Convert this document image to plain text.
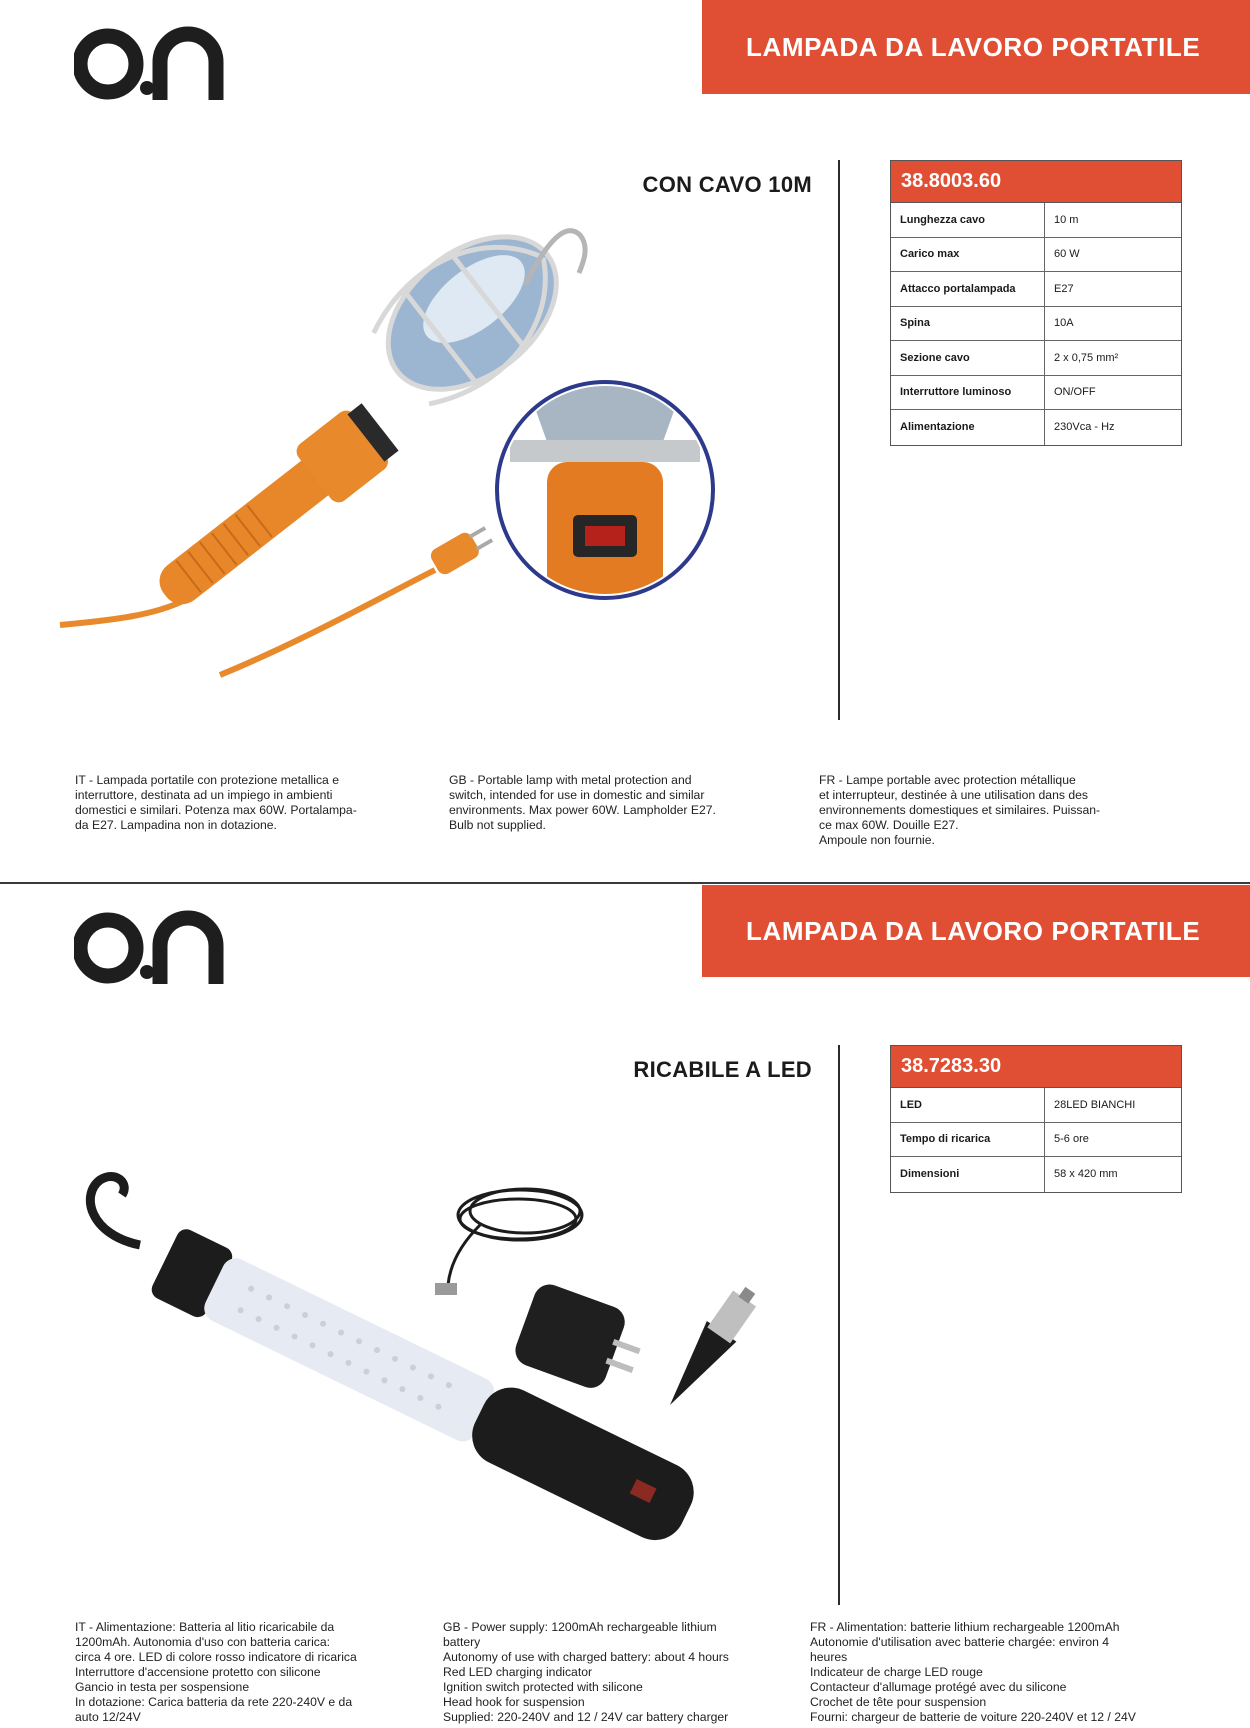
LAMPADA DA LAVORO PORTATILE
CON CAVO 10M	38.8003.60
Lunghezza cavo	10 m
Carico max	60 W
Attacco portalampada	E27
Spina	10A
Sezione cavo	2 x 0,75 mm²
Interruttore luminoso	ON/OFF
Alimentazione	230Vca - Hz
IT - Lampada portatile con protezione metallica e
interruttore, destinata ad un impiego in ambienti
domestici e similari. Potenza max 60W. Portalampa-
da E27. Lampadina non in dotazione.
GB - Portable lamp with metal protection and
switch, intended for use in domestic and similar
environments. Max power 60W. Lampholder E27.
Bulb not supplied.
FR - Lampe portable avec protection métallique
et interrupteur, destinée à une utilisation dans des
environnements domestiques et similaires. Puissan-
ce max 60W. Douille E27.
Ampoule non fournie.
LAMPADA DA LAVORO PORTATILE
RICABILE A LED	38.7283.30
LED	28LED BIANCHI
Tempo di ricarica	5-6 ore
Dimensioni	58 x 420 mm
IT - Alimentazione: Batteria al litio ricaricabile da
1200mAh. Autonomia d'uso con batteria carica:
circa 4 ore. LED di colore rosso indicatore di ricarica
Interruttore d'accensione protetto con silicone
Gancio in testa per sospensione
In dotazione: Carica batteria da rete 220-240V e da
auto 12/24V
GB - Power supply: 1200mAh rechargeable lithium
battery
Autonomy of use with charged battery: about 4 hours
Red LED charging indicator
Ignition switch protected with silicone
Head hook for suspension
Supplied: 220-240V and 12 / 24V car battery charger
FR - Alimentation: batterie lithium rechargeable 1200mAh
Autonomie d'utilisation avec batterie chargée: environ 4
heures
Indicateur de charge LED rouge
Contacteur d'allumage protégé avec du silicone
Crochet de tête pour suspension
Fourni: chargeur de batterie de voiture 220-240V et 12 / 24V
